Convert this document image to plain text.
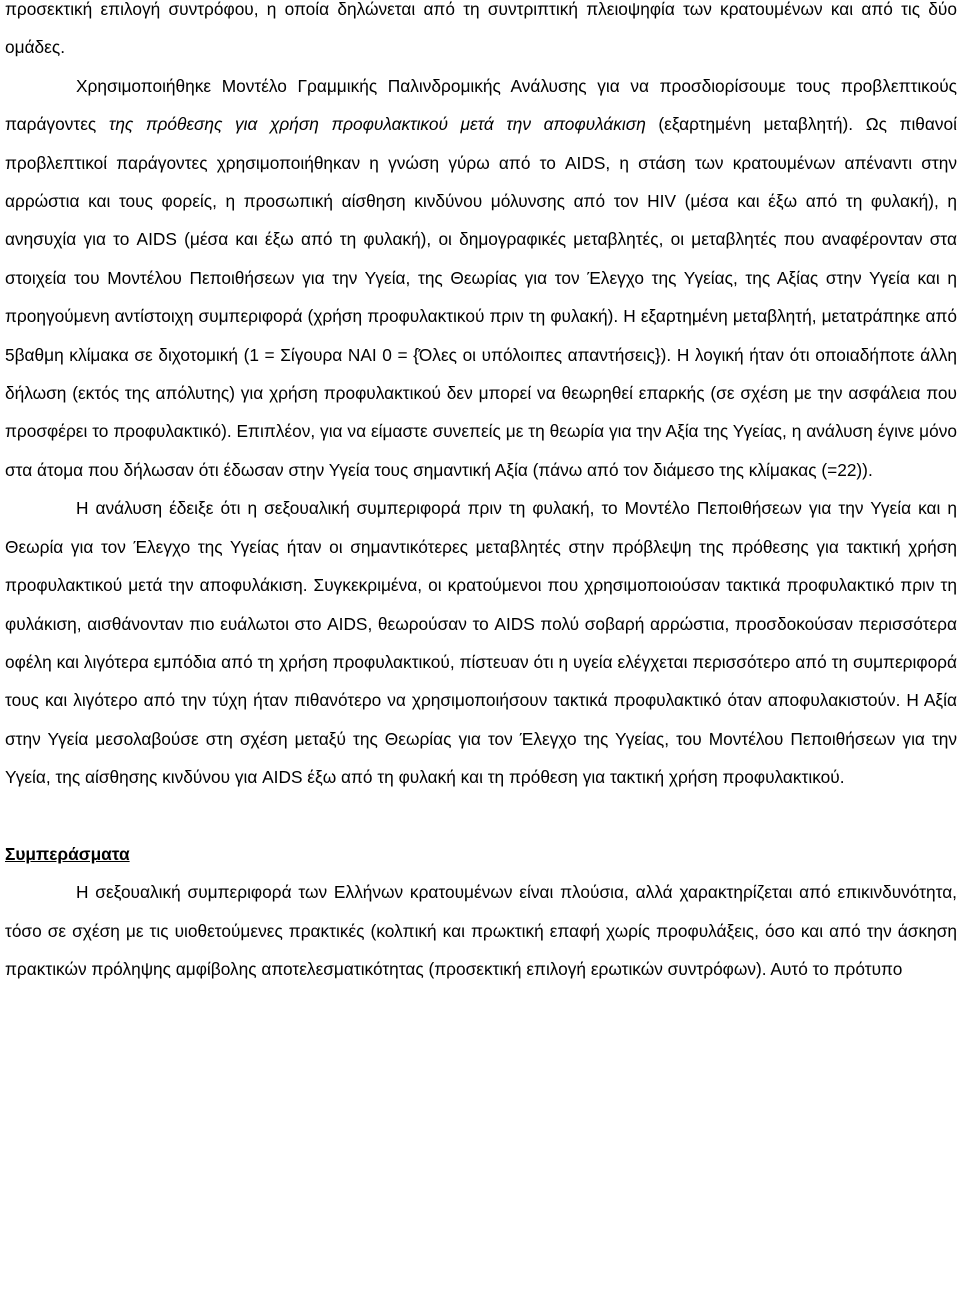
προσεκτική επιλογή συντρόφου, η οποία δηλώνεται από τη συντριπτική πλειοψηφία των κρατουμένων και από τις δύο ομάδες.

Χρησιμοποιήθηκε Μοντέλο Γραμμικής Παλινδρομικής Ανάλυσης για να προσδιορίσουμε τους προβλεπτικούς παράγοντες της πρόθεσης για χρήση προφυλακτικού μετά την αποφυλάκιση (εξαρτημένη μεταβλητή). Ως πιθανοί προβλεπτικοί παράγοντες χρησιμοποιήθηκαν η γνώση γύρω από το AIDS, η στάση των κρατουμένων απέναντι στην αρρώστια και τους φορείς, η προσωπική αίσθηση κινδύνου μόλυνσης από τον HIV (μέσα και έξω από τη φυλακή), η ανησυχία για το AIDS (μέσα και έξω από τη φυλακή), οι δημογραφικές μεταβλητές, οι μεταβλητές που αναφέρονταν στα στοιχεία του Μοντέλου Πεποιθήσεων για την Υγεία, της Θεωρίας για τον Έλεγχο της Υγείας, της Αξίας στην Υγεία και η προηγούμενη αντίστοιχη συμπεριφορά (χρήση προφυλακτικού πριν τη φυλακή). Η εξαρτημένη μεταβλητή, μετατράπηκε από 5βαθμη κλίμακα σε διχοτομική (1 = Σίγουρα ΝΑΙ 0 = {Όλες οι υπόλοιπες απαντήσεις}). Η λογική ήταν ότι οποιαδήποτε άλλη δήλωση (εκτός της απόλυτης) για χρήση προφυλακτικού δεν μπορεί να θεωρηθεί επαρκής (σε σχέση με την ασφάλεια που προσφέρει το προφυλακτικό). Επιπλέον, για να είμαστε συνεπείς με τη θεωρία για την Αξία της Υγείας, η ανάλυση έγινε μόνο στα άτομα που δήλωσαν ότι έδωσαν στην Υγεία τους σημαντική Αξία (πάνω από τον διάμεσο της κλίμακας (=22)).

Η ανάλυση έδειξε ότι η σεξουαλική συμπεριφορά πριν τη φυλακή, το Μοντέλο Πεποιθήσεων για την Υγεία και η Θεωρία για τον Έλεγχο της Υγείας ήταν οι σημαντικότερες μεταβλητές στην πρόβλεψη της πρόθεσης για τακτική χρήση προφυλακτικού μετά την αποφυλάκιση. Συγκεκριμένα, οι κρατούμενοι που χρησιμοποιούσαν τακτικά προφυλακτικό πριν τη φυλάκιση, αισθάνονταν πιο ευάλωτοι στο AIDS, θεωρούσαν το AIDS πολύ σοβαρή αρρώστια, προσδοκούσαν περισσότερα οφέλη και λιγότερα εμπόδια από τη χρήση προφυλακτικού, πίστευαν ότι η υγεία ελέγχεται περισσότερο από τη συμπεριφορά τους και λιγότερο από την τύχη ήταν πιθανότερο να χρησιμοποιήσουν τακτικά προφυλακτικό όταν αποφυλακιστούν. Η Αξία στην Υγεία μεσολαβούσε στη σχέση μεταξύ της Θεωρίας για τον Έλεγχο της Υγείας, του Μοντέλου Πεποιθήσεων για την Υγεία, της αίσθησης κινδύνου για AIDS έξω από τη φυλακή και τη πρόθεση για τακτική χρήση προφυλακτικού.

Συμπεράσματα

Η σεξουαλική συμπεριφορά των Ελλήνων κρατουμένων είναι πλούσια, αλλά χαρακτηρίζεται από επικινδυνότητα, τόσο σε σχέση με τις υιοθετούμενες πρακτικές (κολπική και πρωκτική επαφή χωρίς προφυλάξεις, όσο και από την άσκηση πρακτικών πρόληψης αμφίβολης αποτελεσματικότητας (προσεκτική επιλογή ερωτικών συντρόφων). Αυτό το πρότυπο
